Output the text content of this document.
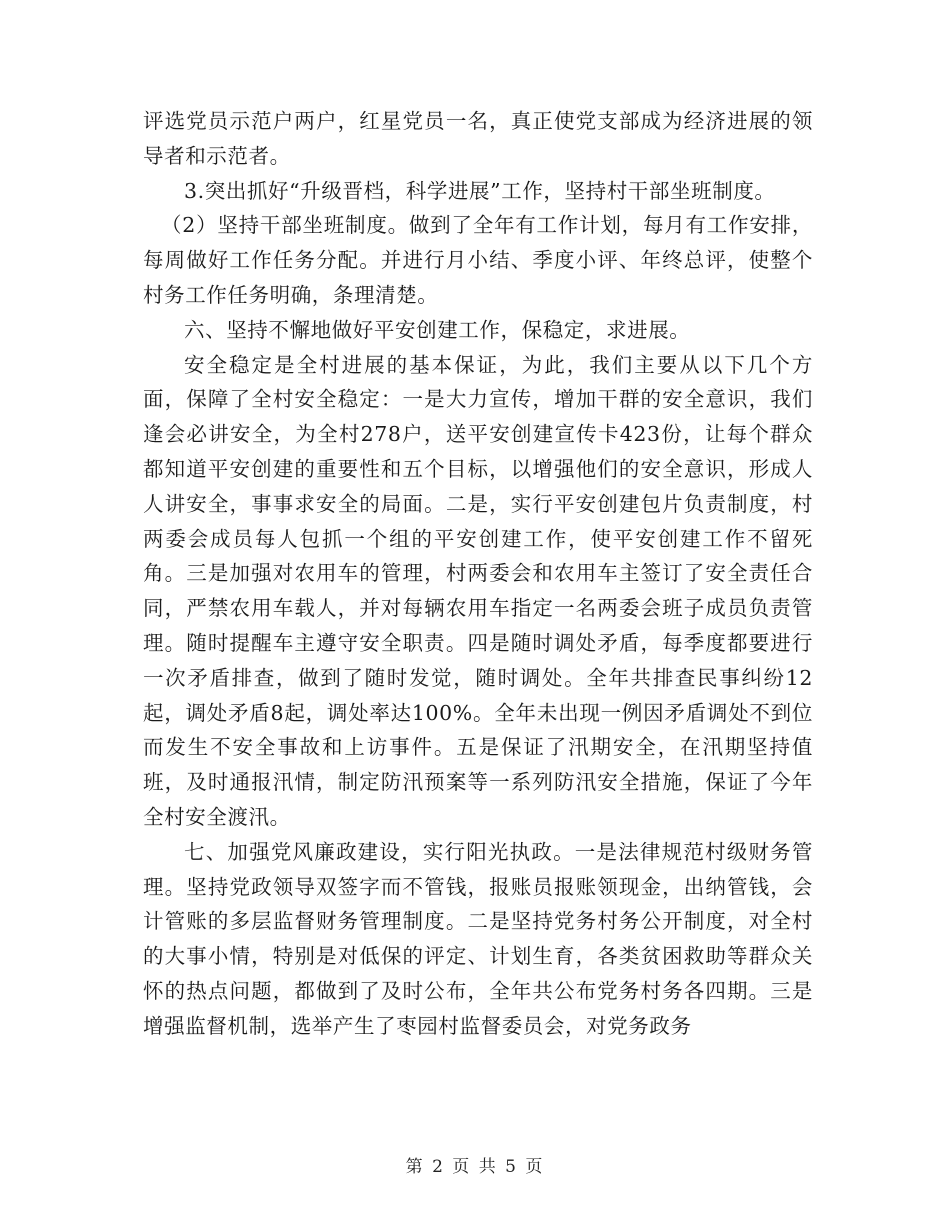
评选党员示范户两户，红星党员一名，真正使党支部成为经济进展的领导者和示范者。

3.突出抓好“升级晋档，科学进展”工作，坚持村干部坐班制度。

（2）坚持干部坐班制度。做到了全年有工作计划，每月有工作安排，每周做好工作任务分配。并进行月小结、季度小评、年终总评，使整个村务工作任务明确，条理清楚。

六、坚持不懈地做好平安创建工作，保稳定，求进展。

安全稳定是全村进展的基本保证，为此，我们主要从以下几个方面，保障了全村安全稳定：一是大力宣传，增加干群的安全意识，我们逢会必讲安全，为全村278户，送平安创建宣传卡423份，让每个群众都知道平安创建的重要性和五个目标，以增强他们的安全意识，形成人人讲安全，事事求安全的局面。二是，实行平安创建包片负责制度，村两委会成员每人包抓一个组的平安创建工作，使平安创建工作不留死角。三是加强对农用车的管理，村两委会和农用车主签订了安全责任合同，严禁农用车载人，并对每辆农用车指定一名两委会班子成员负责管理。随时提醒车主遵守安全职责。四是随时调处矛盾，每季度都要进行一次矛盾排查，做到了随时发觉，随时调处。全年共排查民事纠纷12起，调处矛盾8起，调处率达100%。全年未出现一例因矛盾调处不到位而发生不安全事故和上访事件。五是保证了汛期安全，在汛期坚持值班，及时通报汛情，制定防汛预案等一系列防汛安全措施，保证了今年全村安全渡汛。

七、加强党风廉政建设，实行阳光执政。一是法律规范村级财务管理。坚持党政领导双签字而不管钱，报账员报账领现金，出纳管钱，会计管账的多层监督财务管理制度。二是坚持党务村务公开制度，对全村的大事小情，特别是对低保的评定、计划生育，各类贫困救助等群众关怀的热点问题，都做到了及时公布，全年共公布党务村务各四期。三是增强监督机制，选举产生了枣园村监督委员会，对党务政务

第 2 页 共 5 页
